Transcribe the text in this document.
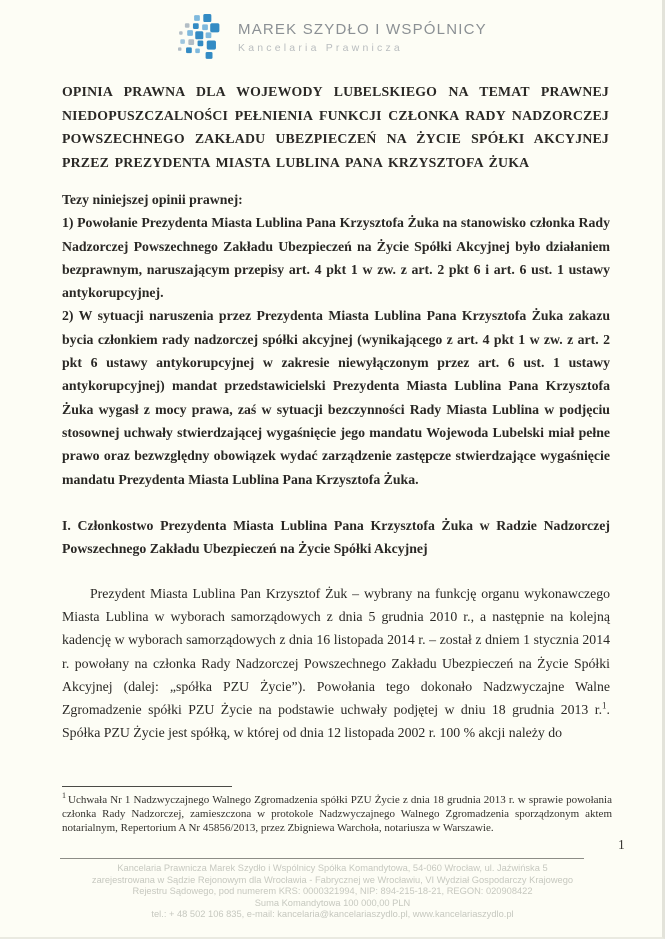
MAREK SZYDŁO I WSPÓLNICY
Kancelaria Prawnicza
OPINIA PRAWNA DLA WOJEWODY LUBELSKIEGO NA TEMAT PRAWNEJ NIEDOPUSZCZALNOŚCI PEŁNIENIA FUNKCJI CZŁONKA RADY NADZORCZEJ POWSZECHNEGO ZAKŁADU UBEZPIECZEŃ NA ŻYCIE SPÓŁKI AKCYJNEJ PRZEZ PREZYDENTA MIASTA LUBLINA PANA KRZYSZTOFA ŻUKA

Tezy niniejszej opinii prawnej:

1) Powołanie Prezydenta Miasta Lublina Pana Krzysztofa Żuka na stanowisko członka Rady Nadzorczej Powszechnego Zakładu Ubezpieczeń na Życie Spółki Akcyjnej było działaniem bezprawnym, naruszającym przepisy art. 4 pkt 1 w zw. z art. 2 pkt 6 i art. 6 ust. 1 ustawy antykorupcyjnej.

2) W sytuacji naruszenia przez Prezydenta Miasta Lublina Pana Krzysztofa Żuka zakazu bycia członkiem rady nadzorczej spółki akcyjnej (wynikającego z art. 4 pkt 1 w zw. z art. 2 pkt 6 ustawy antykorupcyjnej w zakresie niewyłączonym przez art. 6 ust. 1 ustawy antykorupcyjnej) mandat przedstawicielski Prezydenta Miasta Lublina Pana Krzysztofa Żuka wygasł z mocy prawa, zaś w sytuacji bezczynności Rady Miasta Lublina w podjęciu stosownej uchwały stwierdzającej wygaśnięcie jego mandatu Wojewoda Lubelski miał pełne prawo oraz bezwzględny obowiązek wydać zarządzenie zastępcze stwierdzające wygaśnięcie mandatu Prezydenta Miasta Lublina Pana Krzysztofa Żuka.

I. Członkostwo Prezydenta Miasta Lublina Pana Krzysztofa Żuka w Radzie Nadzorczej Powszechnego Zakładu Ubezpieczeń na Życie Spółki Akcyjnej

Prezydent Miasta Lublina Pan Krzysztof Żuk – wybrany na funkcję organu wykonawczego Miasta Lublina w wyborach samorządowych z dnia 5 grudnia 2010 r., a następnie na kolejną kadencję w wyborach samorządowych z dnia 16 listopada 2014 r. – został z dniem 1 stycznia 2014 r. powołany na członka Rady Nadzorczej Powszechnego Zakładu Ubezpieczeń na Życie Spółki Akcyjnej (dalej: „spółka PZU Życie”). Powołania tego dokonało Nadzwyczajne Walne Zgromadzenie spółki PZU Życie na podstawie uchwały podjętej w dniu 18 grudnia 2013 r.$^1$. Spółka PZU Życie jest spółką, w której od dnia 12 listopada 2002 r. 100 % akcji należy do

$^1$ Uchwała Nr 1 Nadzwyczajnego Walnego Zgromadzenia spółki PZU Życie z dnia 18 grudnia 2013 r. w sprawie powołania członka Rady Nadzorczej, zamieszczona w protokole Nadzwyczajnego Walnego Zgromadzenia sporządzonym aktem notarialnym, Repertorium A Nr 45856/2013, przez Zbigniewa Warchoła, notariusza w Warszawie.

Kancelaria Prawnicza Marek Szydło i Wspólnicy Spółka Komandytowa, 54-060 Wrocław, ul. Jaźwińska 5
zarejestrowana w Sądzie Rejonowym dla Wrocławia - Fabrycznej we Wrocławiu, VI Wydział Gospodarczy Krajowego
Rejestru Sądowego, pod numerem KRS: 0000321994, NIP: 894-215-18-21, REGON: 020908422
Suma Komandytowa 100 000,00 PLN
tel.: + 48 502 106 835, e-mail: kancelaria@kancelariaszydlo.pl, www.kancelariaszydlo.pl
1
